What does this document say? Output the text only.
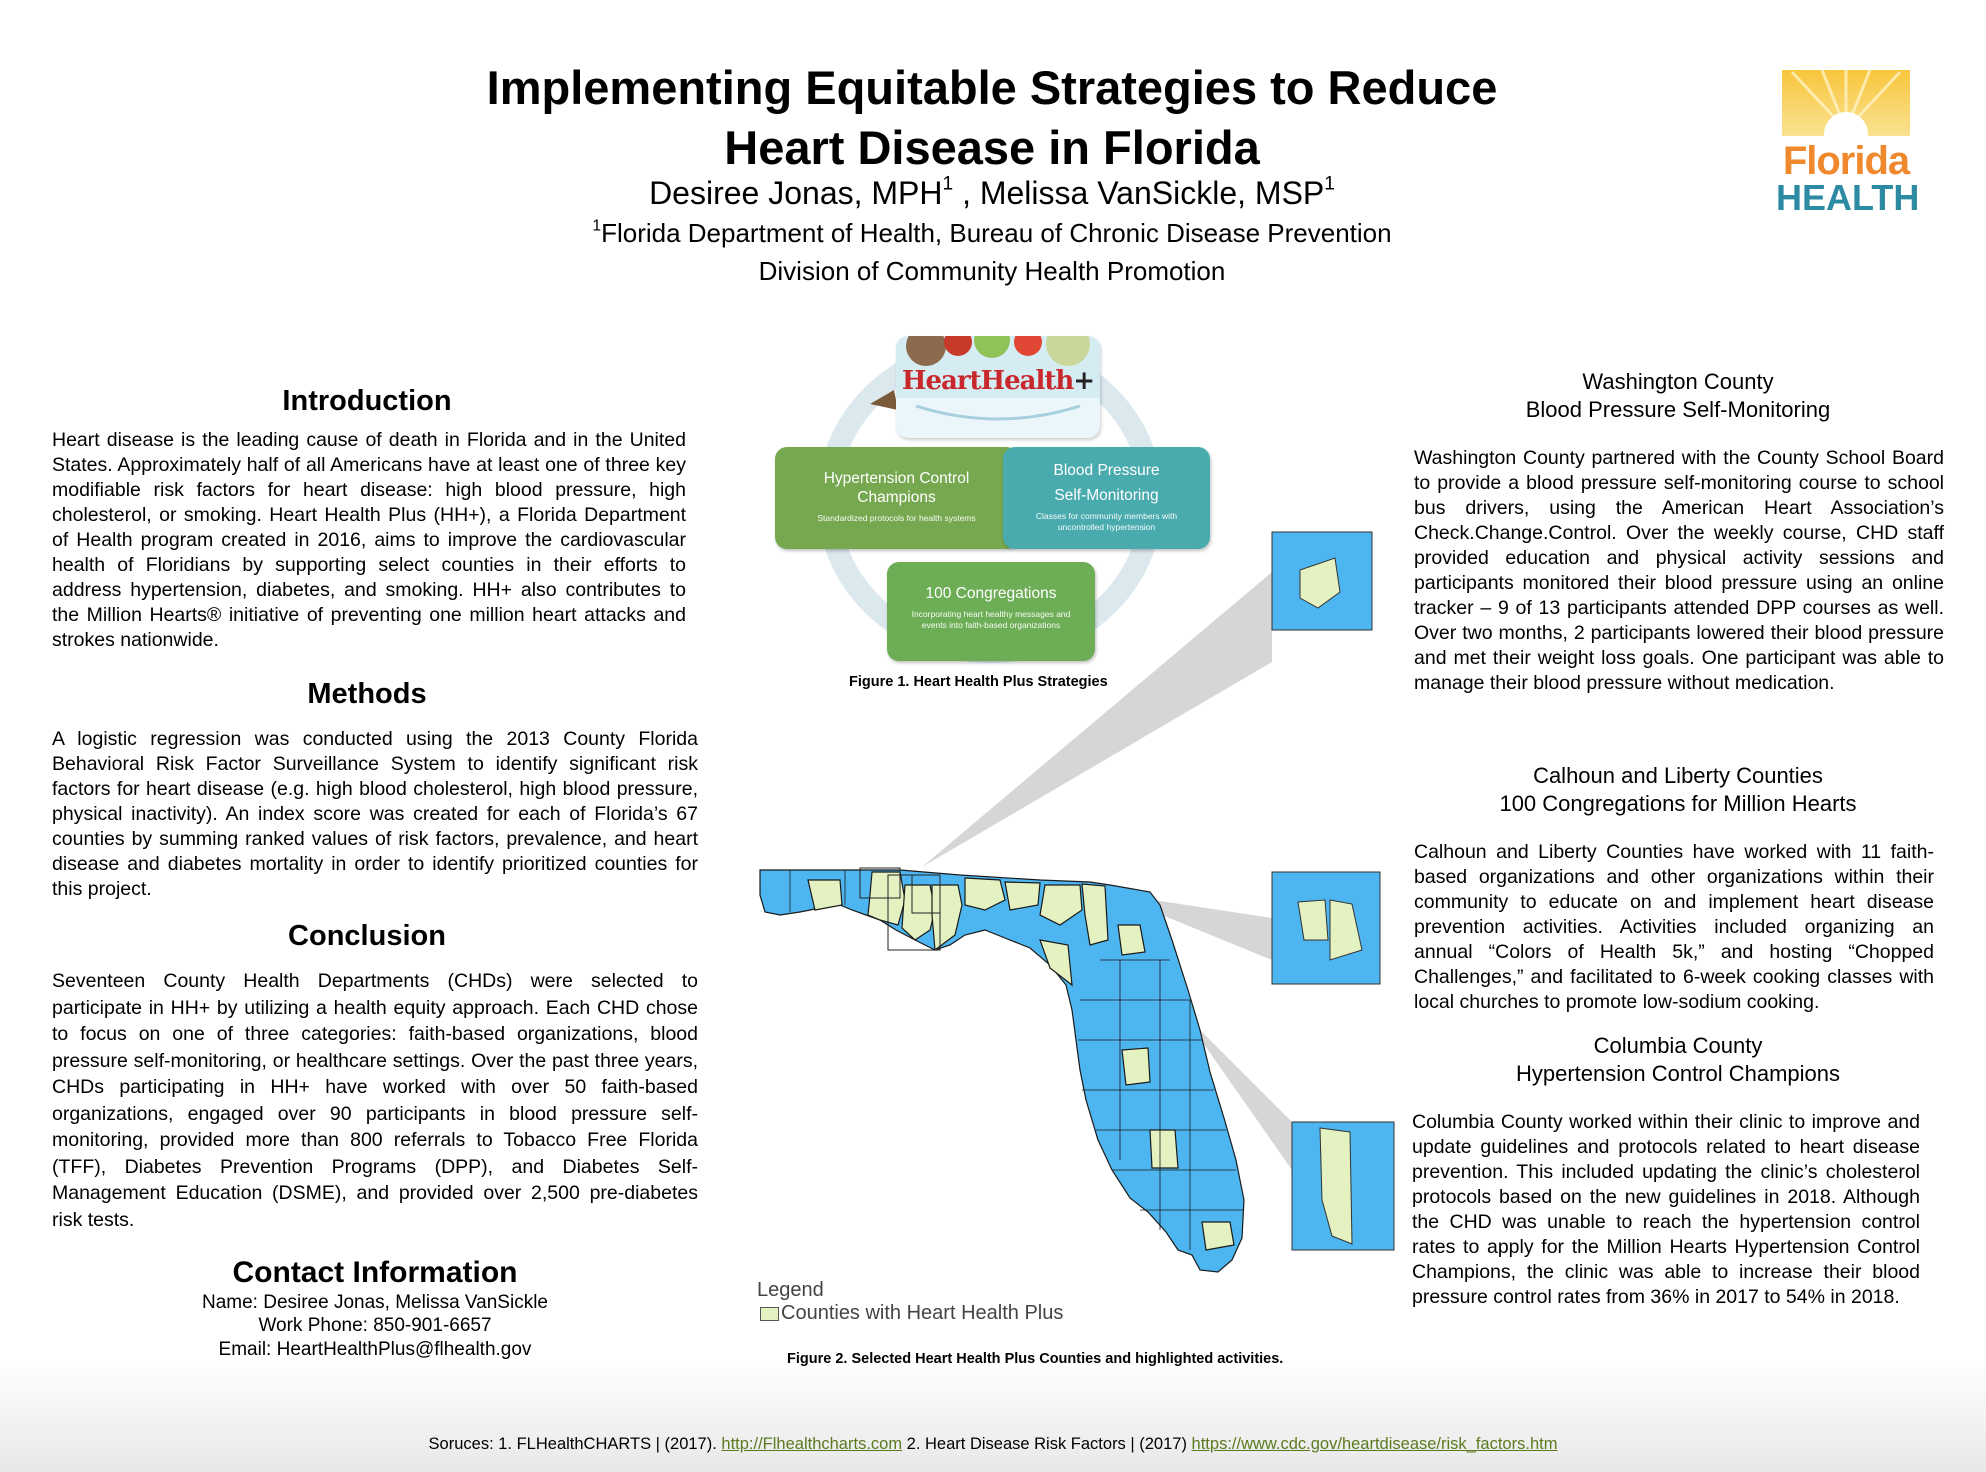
Implementing Equitable Strategies to Reduce
Heart Disease in Florida
Desiree Jonas, MPH$^1$ , Melissa VanSickle, MSP$^1$
$^1$Florida Department of Health, Bureau of Chronic Disease Prevention
Division of Community Health Promotion
Florida
HEALTH
Introduction
Heart disease is the leading cause of death in Florida and in the United States. Approximately half of all Americans have at least one of three key modifiable risk factors for heart disease: high blood pressure, high cholesterol, or smoking. Heart Health Plus (HH+), a Florida Department of Health program created in 2016, aims to improve the cardiovascular health of Floridians by supporting select counties in their efforts to address hypertension, diabetes, and smoking. HH+ also contributes to the Million Hearts® initiative of preventing one million heart attacks and strokes nationwide.
Methods
A logistic regression was conducted using the 2013 County Florida Behavioral Risk Factor Surveillance System to identify significant risk factors for heart disease (e.g. high blood cholesterol, high blood pressure, physical inactivity). An index score was created for each of Florida’s 67 counties by summing ranked values of risk factors, prevalence, and heart disease and diabetes mortality in order to identify prioritized counties for this project.
Conclusion
Seventeen County Health Departments (CHDs) were selected to participate in HH+ by utilizing a health equity approach. Each CHD chose to focus on one of three categories: faith-based organizations, blood pressure self-monitoring, or healthcare settings. Over the past three years, CHDs participating in HH+ have worked with over 50 faith-based organizations, engaged over 90 participants in blood pressure self-monitoring, provided more than 800 referrals to Tobacco Free Florida (TFF), Diabetes Prevention Programs (DPP), and Diabetes Self-Management Education (DSME), and provided over 2,500 pre-diabetes risk tests.
Contact Information
Name: Desiree Jonas, Melissa VanSickle
Work Phone: 850-901-6657
Email: HeartHealthPlus@flhealth.gov
HeartHealth+
Hypertension Control Champions
Standardized protocols for health systems
Blood Pressure
Self-Monitoring
Classes for community members with uncontrolled hypertension
100 Congregations
Incorporating heart healthy messages and events into faith-based organizations
Figure 1. Heart Health Plus Strategies
Legend
Counties with Heart Health Plus
Figure 2. Selected Heart Health Plus Counties and highlighted activities.
Washington County
Blood Pressure Self-Monitoring
Washington County partnered with the County School Board to provide a blood pressure self-monitoring course to school bus drivers, using the American Heart Association’s Check.Change.Control. Over the weekly course, CHD staff provided education and physical activity sessions and participants monitored their blood pressure using an online tracker – 9 of 13 participants attended DPP courses as well. Over two months, 2 participants lowered their blood pressure and met their weight loss goals. One participant was able to manage their blood pressure without medication.
Calhoun and Liberty Counties
100 Congregations for Million Hearts
Calhoun and Liberty Counties have worked with 11 faith-based organizations and other organizations within their community to educate on and implement heart disease prevention activities. Activities included organizing an annual “Colors of Health 5k,” and hosting “Chopped Challenges,” and facilitated to 6-week cooking classes with local churches to promote low-sodium cooking.
Columbia County
Hypertension Control Champions
Columbia County worked within their clinic to improve and update guidelines and protocols related to heart disease prevention. This included updating the clinic’s cholesterol protocols based on the new guidelines in 2018. Although the CHD was unable to reach the hypertension control rates to apply for the Million Hearts Hypertension Control Champions, the clinic was able to increase their blood pressure control rates from 36% in 2017 to 54% in 2018.
Soruces: 1. FLHealthCHARTS | (2017). http://Flhealthcharts.com 2. Heart Disease Risk Factors | (2017) https://www.cdc.gov/heartdisease/risk_factors.htm
